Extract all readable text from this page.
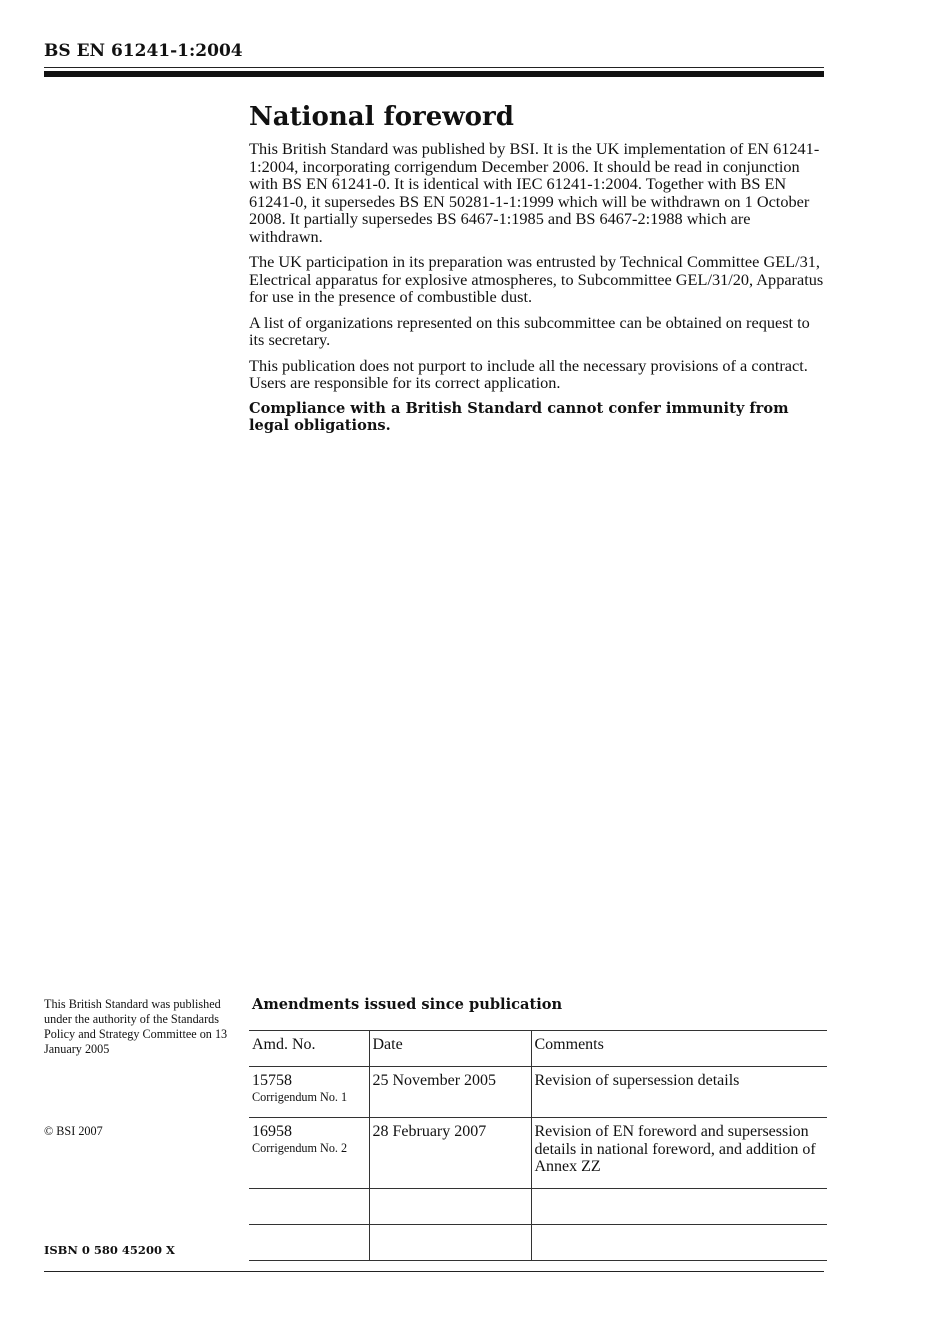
BS EN 61241-1:2004
National foreword

This British Standard was published by BSI. It is the UK implementation of EN 61241-1:2004, incorporating corrigendum December 2006. It should be read in conjunction with BS EN 61241-0. It is identical with IEC 61241-1:2004. Together with BS EN 61241-0, it supersedes BS EN 50281-1-1:1999 which will be withdrawn on 1 October 2008. It partially supersedes BS 6467-1:1985 and BS 6467-2:1988 which are withdrawn.

The UK participation in its preparation was entrusted by Technical Committee GEL/31, Electrical apparatus for explosive atmospheres, to Subcommittee GEL/31/20, Apparatus for use in the presence of combustible dust.

A list of organizations represented on this subcommittee can be obtained on request to its secretary.

This publication does not purport to include all the necessary provisions of a contract. Users are responsible for its correct application.

Compliance with a British Standard cannot confer immunity from legal obligations.

This British Standard was published under the authority of the Standards Policy and Strategy Committee on 13 January 2005
© BSI 2007
ISBN 0 580 45200 X
Amendments issued since publication
Amd. No.	Date	Comments
15758
Corrigendum No. 1	25 November 2005	Revision of supersession details
16958
Corrigendum No. 2	28 February 2007	Revision of EN foreword and supersession details in national foreword, and addition of Annex ZZ
